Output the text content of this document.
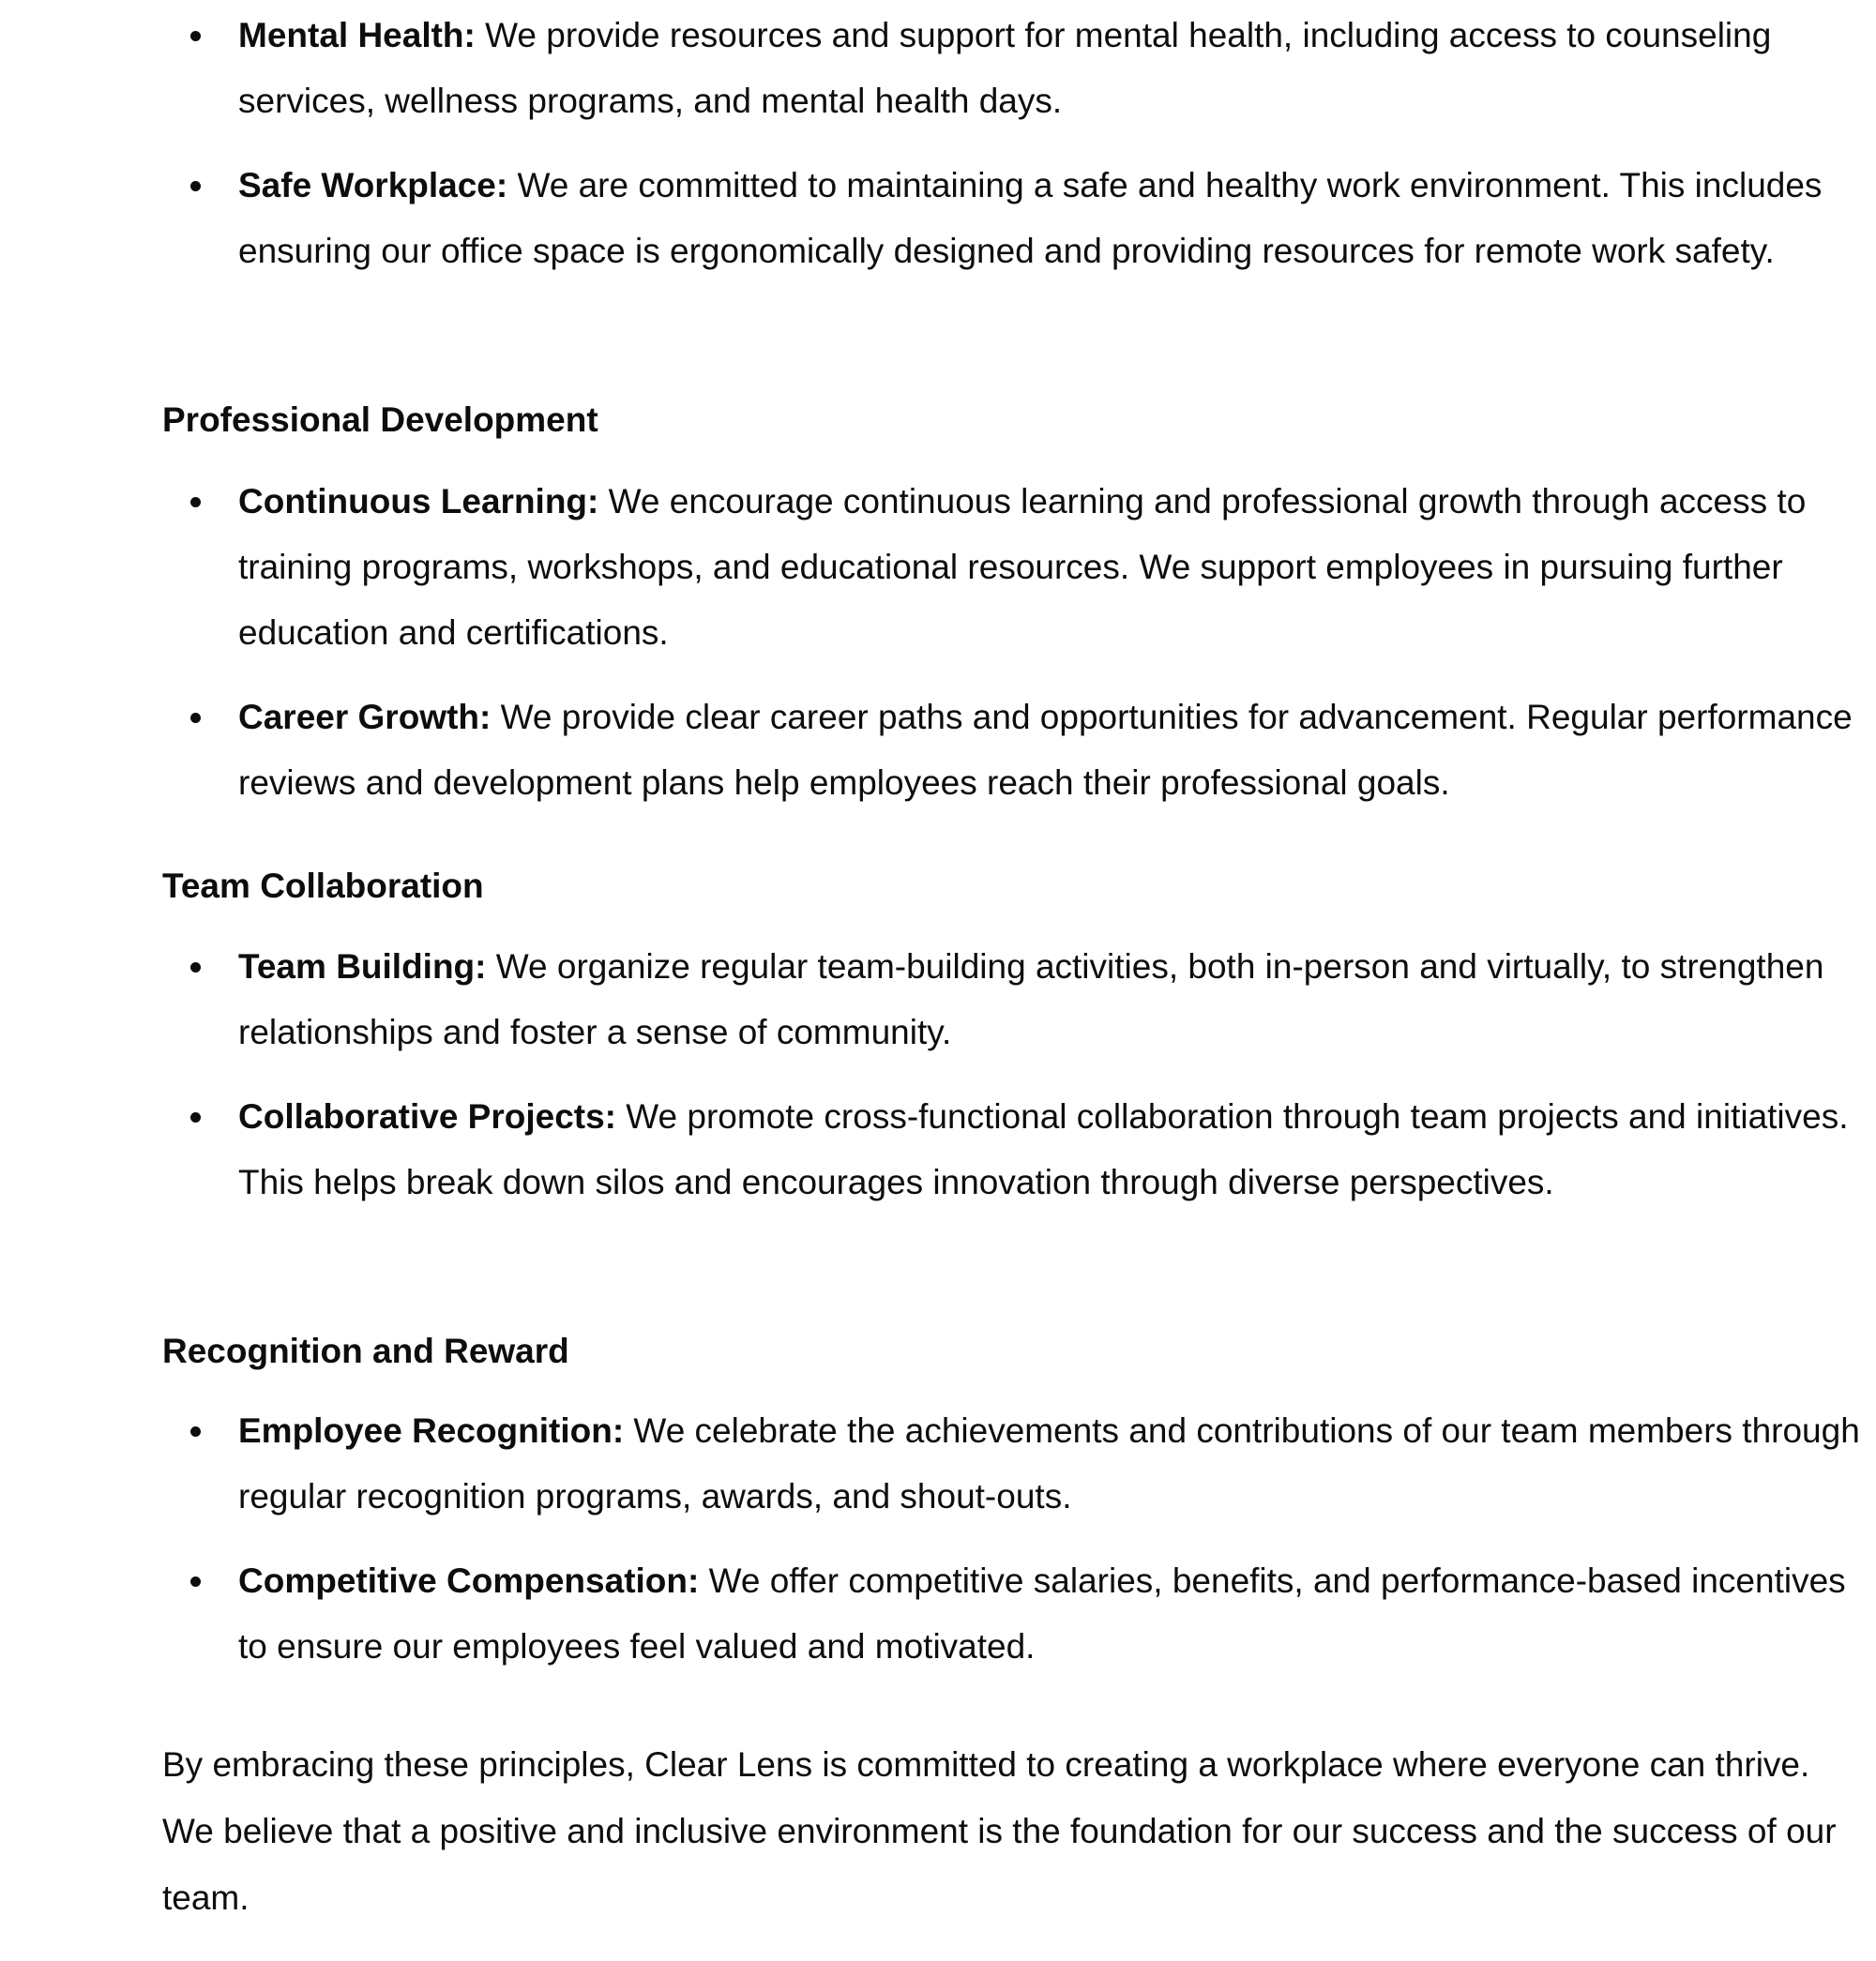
Mental Health: We provide resources and support for mental health, including access to counseling services, wellness programs, and mental health days.
Safe Workplace: We are committed to maintaining a safe and healthy work environment. This includes ensuring our office space is ergonomically designed and providing resources for remote work safety.
Professional Development
Continuous Learning: We encourage continuous learning and professional growth through access to training programs, workshops, and educational resources. We support employees in pursuing further education and certifications.
Career Growth: We provide clear career paths and opportunities for advancement. Regular performance reviews and development plans help employees reach their professional goals.
Team Collaboration
Team Building: We organize regular team-building activities, both in-person and virtually, to strengthen relationships and foster a sense of community.
Collaborative Projects: We promote cross-functional collaboration through team projects and initiatives. This helps break down silos and encourages innovation through diverse perspectives.
Recognition and Reward
Employee Recognition: We celebrate the achievements and contributions of our team members through regular recognition programs, awards, and shout-outs.
Competitive Compensation: We offer competitive salaries, benefits, and performance-based incentives to ensure our employees feel valued and motivated.

By embracing these principles, Clear Lens is committed to creating a workplace where everyone can thrive. We believe that a positive and inclusive environment is the foundation for our success and the success of our team.
